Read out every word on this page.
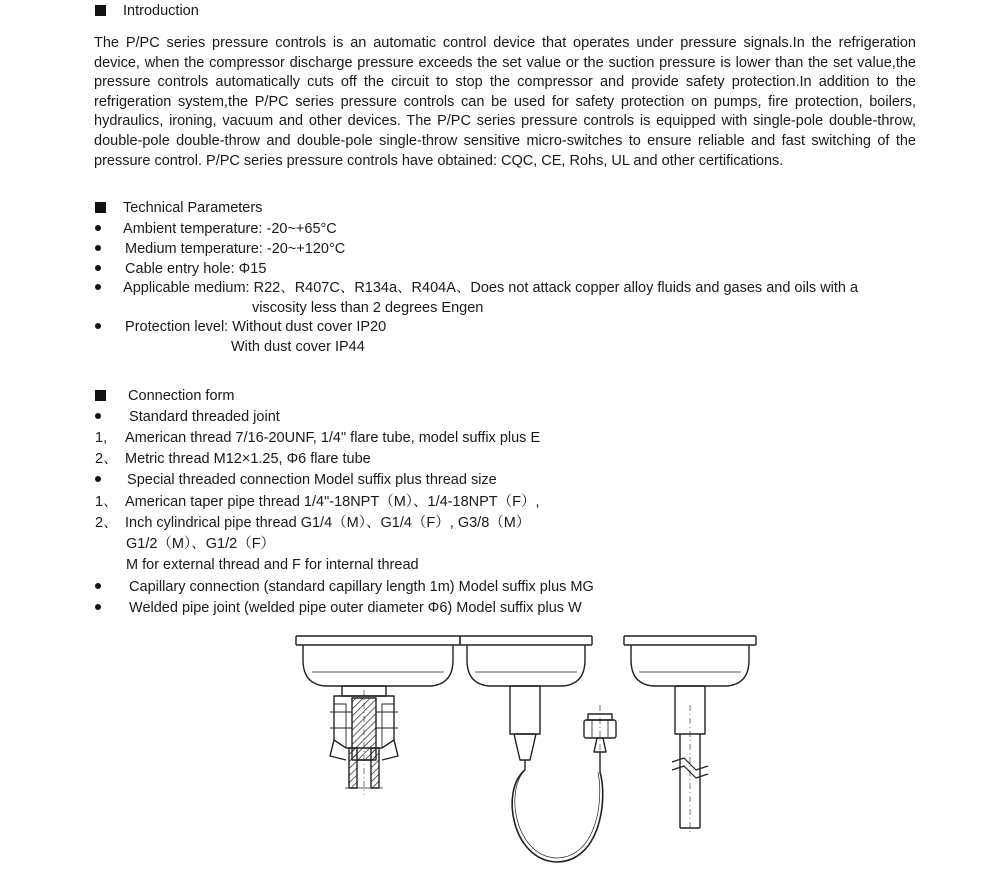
Introduction
The P/PC series pressure controls is an automatic control device that operates under pressure signals.In the refrigeration device, when the compressor discharge pressure exceeds the set value or the suction pressure is lower than the set value,the pressure controls automatically cuts off the circuit to stop the compressor and provide safety protection.In addition to the refrigeration system,the P/PC series pressure controls can be used for safety protection on pumps, fire protection, boilers, hydraulics, ironing, vacuum and other devices. The P/PC series pressure controls is equipped with single-pole double-throw, double-pole double-throw and double-pole single-throw sensitive micro-switches to ensure reliable and fast switching of the pressure control. P/PC series pressure controls have obtained: CQC, CE, Rohs, UL and other certifications.
Technical Parameters
Ambient temperature: -20~+65°C
Medium temperature: -20~+120°C
Cable entry hole: Φ15
Applicable medium: R22、R407C、R134a、R404A、Does not attack copper alloy fluids and gases and oils with a
viscosity less than 2 degrees Engen
Protection level: Without dust cover IP20
With dust cover IP44
Connection form
Standard threaded joint
1, American thread 7/16-20UNF, 1/4" flare tube, model suffix plus E
2、 Metric thread M12×1.25, Φ6 flare tube
Special threaded connection Model suffix plus thread size
1、 American taper pipe thread 1/4"-18NPT（M）、1/4-18NPT（F）,
2、 Inch cylindrical pipe thread G1/4（M）、G1/4（F）, G3/8（M）
G1/2（M）、G1/2（F）
M for external thread and F for internal thread
Capillary connection (standard capillary length 1m) Model suffix plus MG
Welded pipe joint (welded pipe outer diameter Φ6) Model suffix plus W
